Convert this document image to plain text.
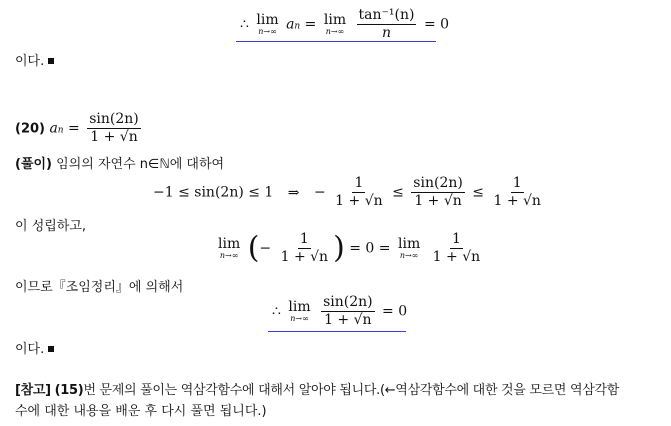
∴ lim
n→∞ an = lim
n→∞
$\frac{\text{tan⁻¹(n)}}{n} = 0$
이다.
(20) an = $\frac{\sin(2n)}{1 + √n}$
(풀이) 임의의 자연수 n∈ℕ에 대하여
−1 ≤ sin(2n) ≤ 1 ⇒ − $\frac{1}{1 + √n} \le \frac{\sin(2n)}{1 + √n} \le \frac{1}{1 + √n}$
이 성립하고,
lim
n→∞ (− $\frac{1}{1 + √n}$ ) = 0 = lim
n→∞
$\frac{1}{1 + √n}$
이므로『조임정리』에 의해서
∴ lim
n→∞
$\frac{\sin(2n)}{1 + √n} = 0$
이다.
[참고] (15)번 문제의 풀이는 역삼각함수에 대해서 알아야 됩니다.(←역삼각함수에 대한 것을 모르면 역삼각함
수에 대한 내용을 배운 후 다시 풀면 됩니다.)
